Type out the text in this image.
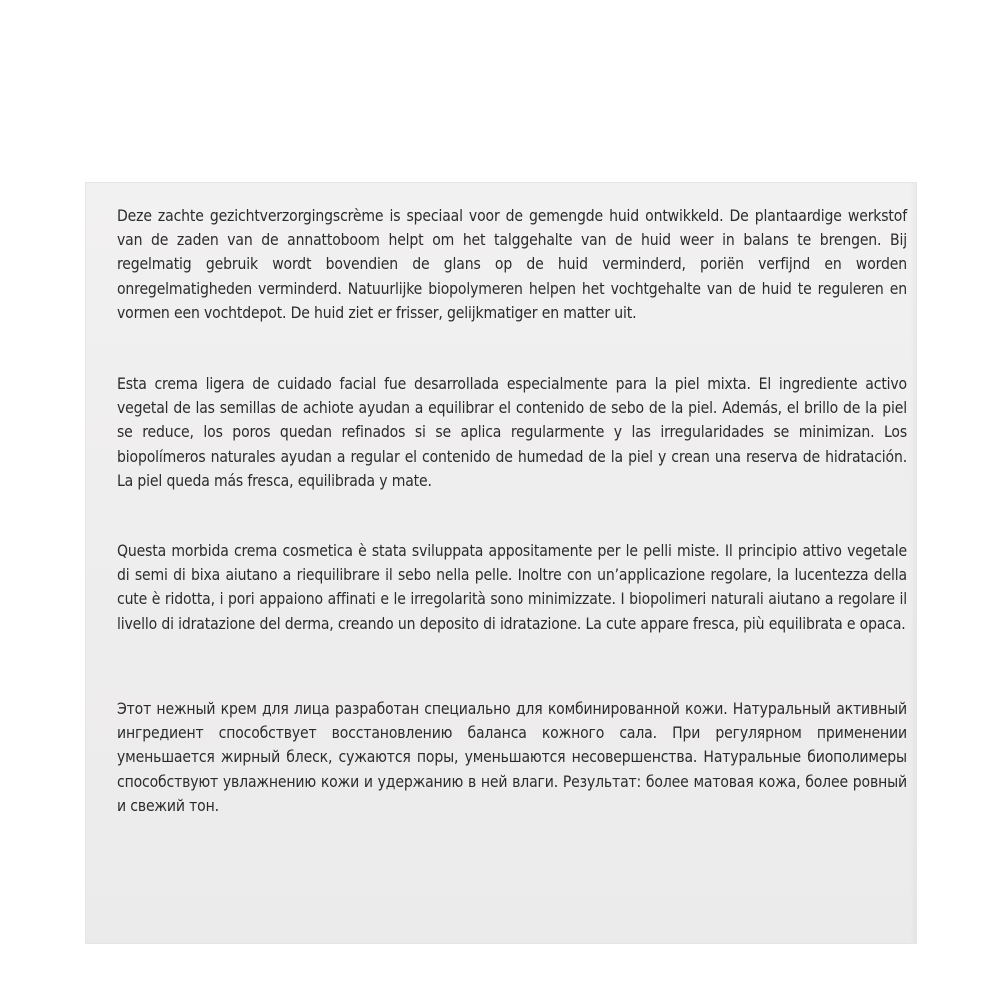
Deze zachte gezichtverzorgingscrème is speciaal voor de gemengde huid ontwikkeld. De plantaardige werkstof van de zaden van de annattoboom helpt om het talggehalte van de huid weer in balans te brengen. Bij regelmatig gebruik wordt bovendien de glans op de huid verminderd, poriën verfijnd en worden onregelmatigheden verminderd. Natuurlijke biopolymeren helpen het vochtgehalte van de huid te reguleren en vormen een vochtdepot. De huid ziet er frisser, gelijkmatiger en matter uit.

Esta crema ligera de cuidado facial fue desarrollada especialmente para la piel mixta. El ingrediente activo vegetal de las semillas de achiote ayudan a equilibrar el contenido de sebo de la piel. Además, el brillo de la piel se reduce, los poros quedan refinados si se aplica regularmente y las irregularidades se minimizan. Los biopolímeros naturales ayudan a regular el contenido de humedad de la piel y crean una reserva de hidratación. La piel queda más fresca, equilibrada y mate.

Questa morbida crema cosmetica è stata sviluppata appositamente per le pelli miste. Il principio attivo vegetale di semi di bixa aiutano a riequilibrare il sebo nella pelle. Inoltre con un’applicazione regolare, la lucentezza della cute è ridotta, i pori appaiono affinati e le irregolarità sono minimizzate. I biopolimeri naturali aiutano a regolare il livello di idratazione del derma, creando un deposito di idratazione. La cute appare fresca, più equilibrata e opaca.

Этот нежный крем для лица разработан специально для комбинированной кожи. Натуральный активный ингредиент способствует восстановлению баланса кожного сала. При регулярном применении уменьшается жирный блеск, сужаются поры, уменьшаются несовершенства. Натуральные биополимеры способствуют увлажнению кожи и удержанию в ней влаги. Результат: более матовая кожа, более ровный и свежий тон.
